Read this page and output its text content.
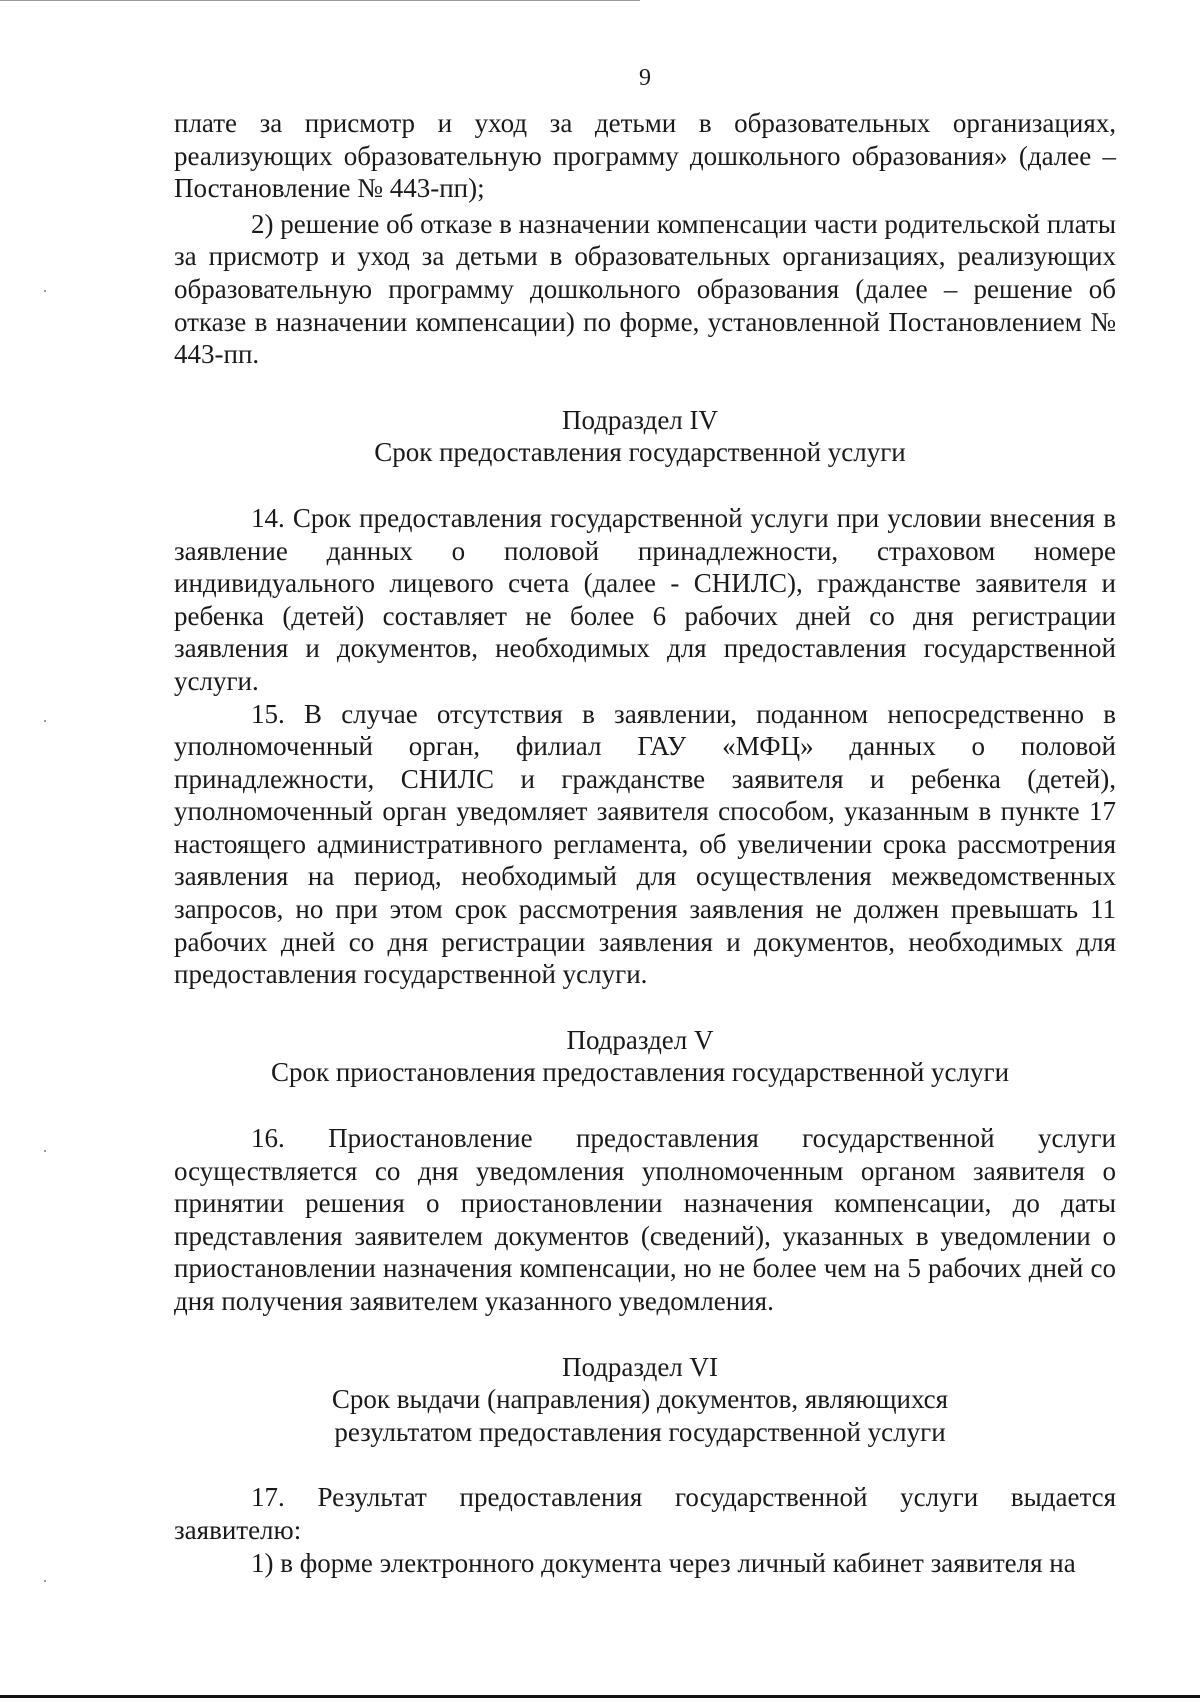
9

плате за присмотр и уход за детьми в образовательных организациях, реализующих образовательную программу дошкольного образования» (далее – Постановление № 443-пп);

2) решение об отказе в назначении компенсации части родительской платы за присмотр и уход за детьми в образовательных организациях, реализующих образовательную программу дошкольного образования (далее – решение об отказе в назначении компенсации) по форме, установленной Постановлением № 443-пп.

Подраздел IV

Срок предоставления государственной услуги

14. Срок предоставления государственной услуги при условии внесения в заявление данных о половой принадлежности, страховом номере индивидуального лицевого счета (далее - СНИЛС), гражданстве заявителя и ребенка (детей) составляет не более 6 рабочих дней со дня регистрации заявления и документов, необходимых для предоставления государственной услуги.

15. В случае отсутствия в заявлении, поданном непосредственно в уполномоченный орган, филиал ГАУ «МФЦ» данных о половой принадлежности, СНИЛС и гражданстве заявителя и ребенка (детей), уполномоченный орган уведомляет заявителя способом, указанным в пункте 17 настоящего административного регламента, об увеличении срока рассмотрения заявления на период, необходимый для осуществления межведомственных запросов, но при этом срок рассмотрения заявления не должен превышать 11 рабочих дней со дня регистрации заявления и документов, необходимых для предоставления государственной услуги.

Подраздел V

Срок приостановления предоставления государственной услуги

16. Приостановление предоставления государственной услуги осуществляется со дня уведомления уполномоченным органом заявителя о принятии решения о приостановлении назначения компенсации, до даты представления заявителем документов (сведений), указанных в уведомлении о приостановлении назначения компенсации, но не более чем на 5 рабочих дней со дня получения заявителем указанного уведомления.

Подраздел VI

Срок выдачи (направления) документов, являющихся

результатом предоставления государственной услуги

17. Результат предоставления государственной услуги выдается заявителю:

1) в форме электронного документа через личный кабинет заявителя на
